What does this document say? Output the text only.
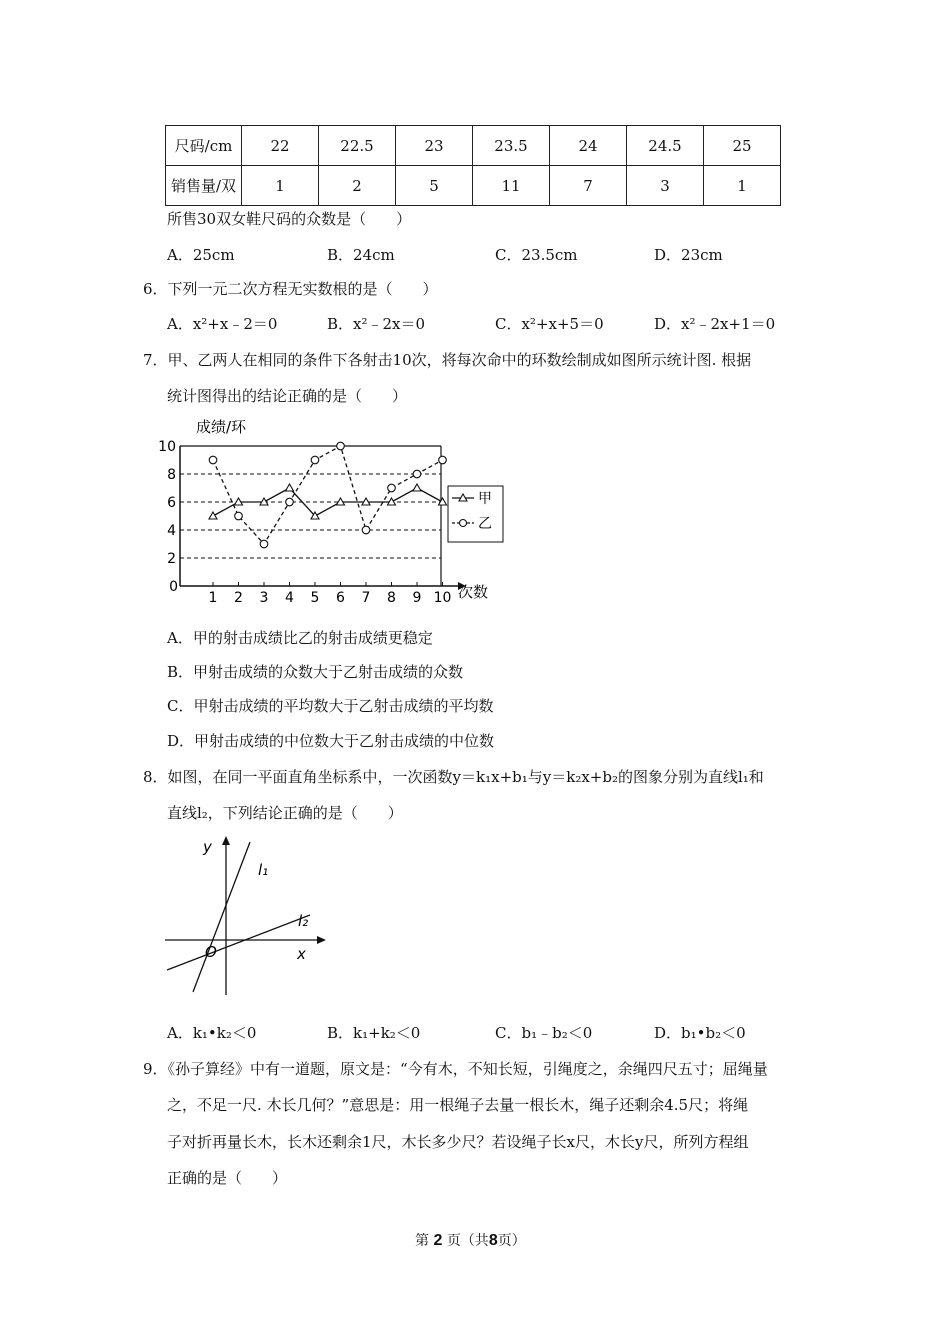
尺码/cm	22	22.5	23	23.5	24	24.5	25
销售量/双	1	2	5	11	7	3	1
所售30双女鞋尺码的众数是（　　）
A．25cm	B．24cm	C．23.5cm	D．23cm
6．下列一元二次方程无实数根的是（　　）
A．x²+x﹣2＝0	B．x²﹣2x＝0	C．x²+x+5＝0	D．x²﹣2x+1＝0
7．甲、乙两人在相同的条件下各射击10次，将每次命中的环数绘制成如图所示统计图. 根据
统计图得出的结论正确的是（　　）
成绩/环
次数
甲
乙
0
2
4
6
8
10
1 2 3 4 5 6 7 8 9 10
A．甲的射击成绩比乙的射击成绩更稳定
B．甲射击成绩的众数大于乙射击成绩的众数
C．甲射击成绩的平均数大于乙射击成绩的平均数
D．甲射击成绩的中位数大于乙射击成绩的中位数
8．如图，在同一平面直角坐标系中，一次函数y＝k₁x+b₁与y＝k₂x+b₂的图象分别为直线l₁和
直线l₂，下列结论正确的是（　　）
y
x
O
l₁
l₂
A．k₁•k₂＜0	B．k₁+k₂＜0	C．b₁﹣b₂＜0	D．b₁•b₂＜0
9．《孙子算经》中有一道题，原文是：“今有木，不知长短，引绳度之，余绳四尺五寸；屈绳量
之，不足一尺. 木长几何？”意思是：用一根绳子去量一根长木，绳子还剩余4.5尺；将绳
子对折再量长木，长木还剩余1尺，木长多少尺？若设绳子长x尺，木长y尺，所列方程组
正确的是（　　）
第 2 页（共8页）
